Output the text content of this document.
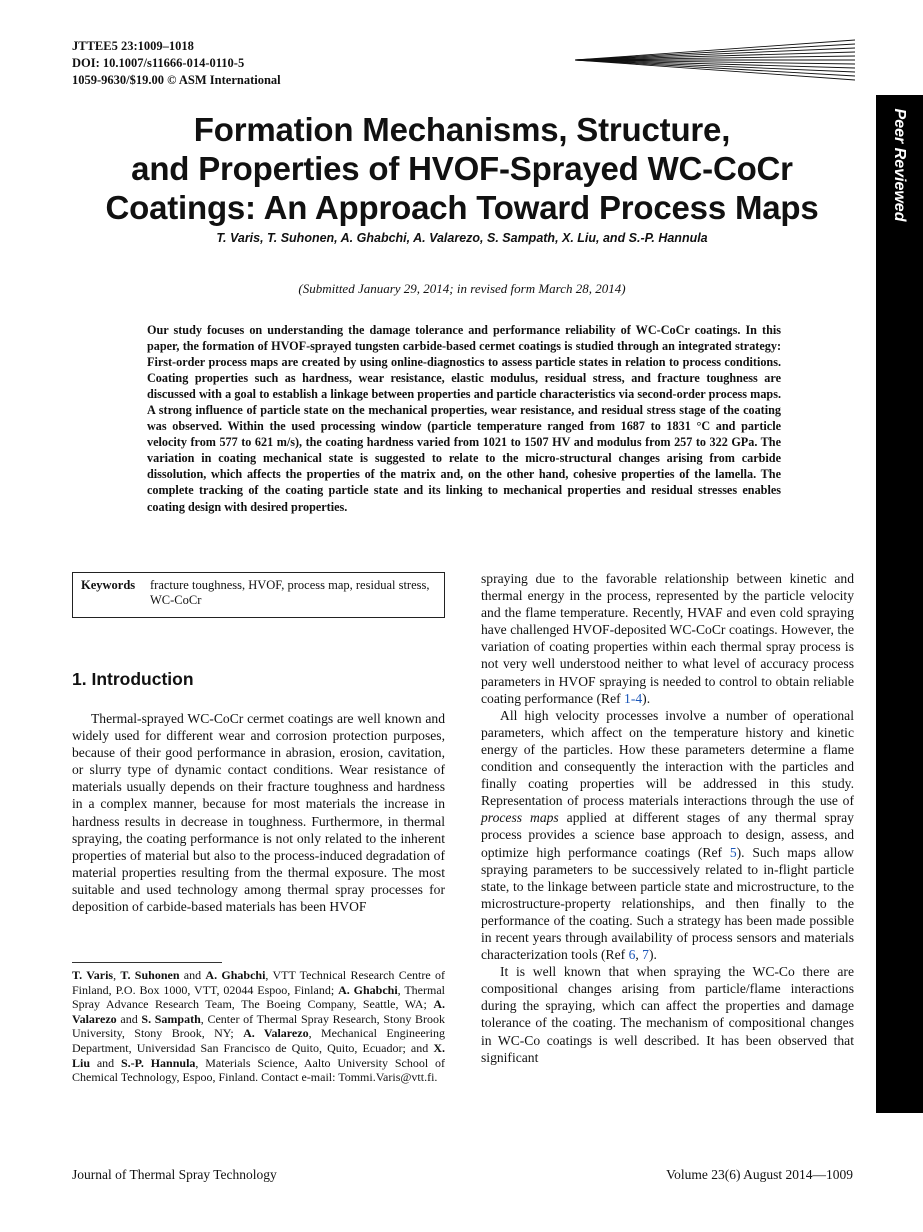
JTTEE5 23:1009–1018
DOI: 10.1007/s11666-014-0110-5
1059-9630/$19.00 © ASM International
Peer Reviewed
Formation Mechanisms, Structure,
and Properties of HVOF-Sprayed WC-CoCr
Coatings: An Approach Toward Process Maps
T. Varis, T. Suhonen, A. Ghabchi, A. Valarezo, S. Sampath, X. Liu, and S.-P. Hannula
(Submitted January 29, 2014; in revised form March 28, 2014)
Our study focuses on understanding the damage tolerance and performance reliability of WC-CoCr coatings. In this paper, the formation of HVOF-sprayed tungsten carbide-based cermet coatings is studied through an integrated strategy: First-order process maps are created by using online-diagnostics to assess particle states in relation to process conditions. Coating properties such as hardness, wear resistance, elastic modulus, residual stress, and fracture toughness are discussed with a goal to establish a linkage between properties and particle characteristics via second-order process maps. A strong influence of particle state on the mechanical properties, wear resistance, and residual stress stage of the coating was observed. Within the used processing window (particle temperature ranged from 1687 to 1831 °C and particle velocity from 577 to 621 m/s), the coating hardness varied from 1021 to 1507 HV and modulus from 257 to 322 GPa. The variation in coating mechanical state is suggested to relate to the micro-structural changes arising from carbide dissolution, which affects the properties of the matrix and, on the other hand, cohesive properties of the lamella. The complete tracking of the coating particle state and its linking to mechanical properties and residual stresses enables coating design with desired properties.
Keywords fracture toughness, HVOF, process map, residual stress, WC-CoCr
1. Introduction

Thermal-sprayed WC-CoCr cermet coatings are well known and widely used for different wear and corrosion protection purposes, because of their good performance in abrasion, erosion, cavitation, or slurry type of dynamic contact conditions. Wear resistance of materials usually depends on their fracture toughness and hardness in a complex manner, because for most materials the increase in hardness results in decrease in toughness. Furthermore, in thermal spraying, the coating performance is not only related to the inherent properties of material but also to the process-induced degradation of material properties resulting from the thermal exposure. The most suitable and used technology among thermal spray processes for deposition of carbide-based materials has been HVOF

T. Varis, T. Suhonen and A. Ghabchi, VTT Technical Research Centre of Finland, P.O. Box 1000, VTT, 02044 Espoo, Finland; A. Ghabchi, Thermal Spray Advance Research Team, The Boeing Company, Seattle, WA; A. Valarezo and S. Sampath, Center of Thermal Spray Research, Stony Brook University, Stony Brook, NY; A. Valarezo, Mechanical Engineering Department, Universidad San Francisco de Quito, Quito, Ecuador; and X. Liu and S.-P. Hannula, Materials Science, Aalto University School of Chemical Technology, Espoo, Finland. Contact e-mail: Tommi.Varis@vtt.fi.

spraying due to the favorable relationship between kinetic and thermal energy in the process, represented by the particle velocity and the flame temperature. Recently, HVAF and even cold spraying have challenged HVOF-deposited WC-CoCr coatings. However, the variation of coating properties within each thermal spray process is not very well understood neither to what level of accuracy process parameters in HVOF spraying is needed to control to obtain reliable coating performance (Ref 1-4).

All high velocity processes involve a number of operational parameters, which affect on the temperature history and kinetic energy of the particles. How these parameters determine a flame condition and consequently the interaction with the particles and finally coating properties will be addressed in this study. Representation of process materials interactions through the use of process maps applied at different stages of any thermal spray process provides a science base approach to design, assess, and optimize high performance coatings (Ref 5). Such maps allow spraying parameters to be successively related to in-flight particle state, to the linkage between particle state and microstructure, to the microstructure-property relationships, and then finally to the performance of the coating. Such a strategy has been made possible in recent years through availability of process sensors and materials characterization tools (Ref 6, 7).

It is well known that when spraying the WC-Co there are compositional changes arising from particle/flame interactions during the spraying, which can affect the properties and damage tolerance of the coating. The mechanism of compositional changes in WC-Co coatings is well described. It has been observed that significant

Journal of Thermal Spray Technology	Volume 23(6) August 2014—1009
